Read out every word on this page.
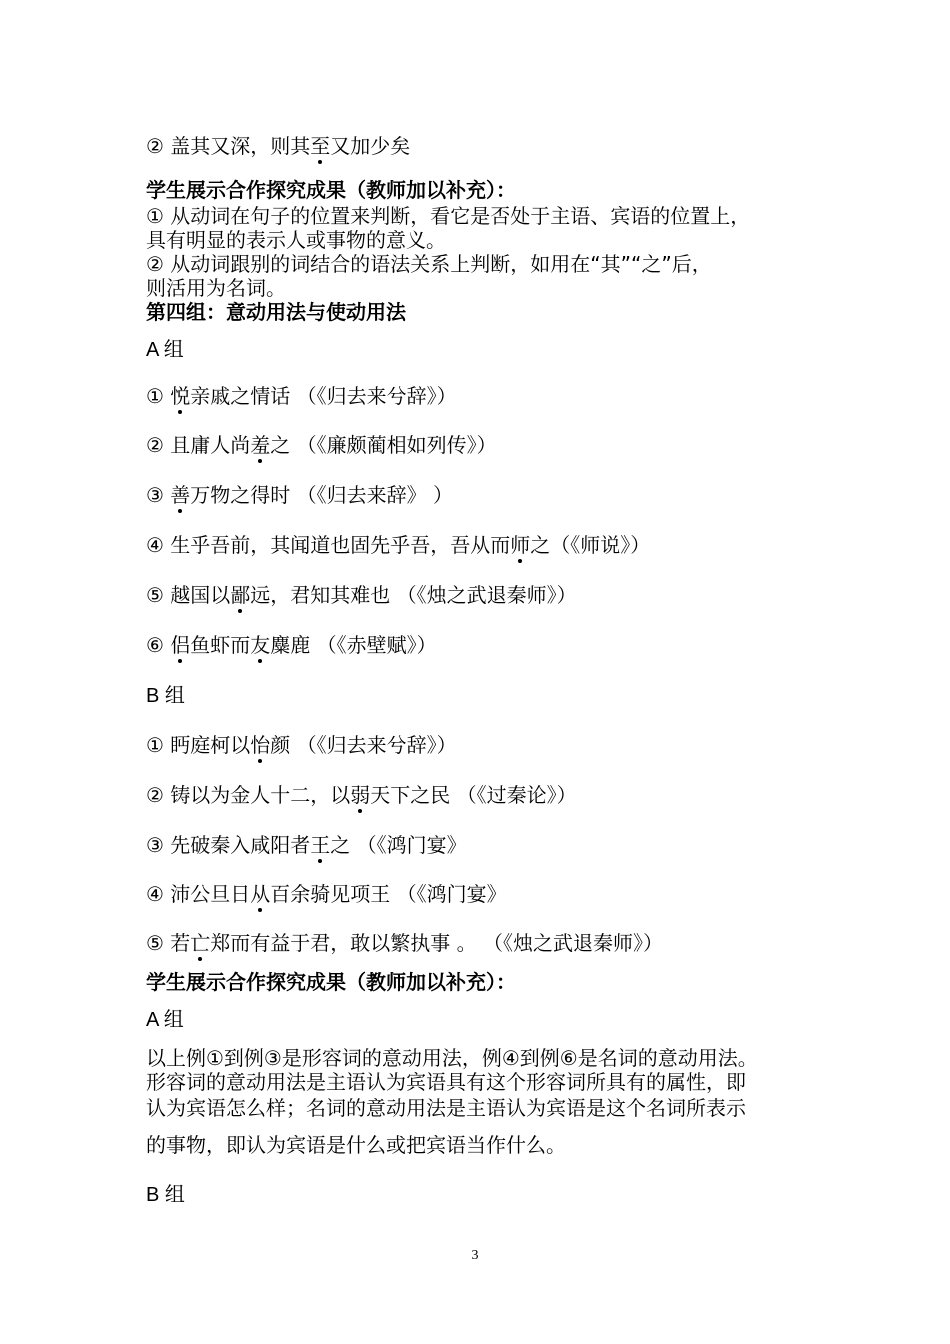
② 盖其又深，则其至又加少矣
学生展示合作探究成果（教师加以补充）：
① 从动词在句子的位置来判断，看它是否处于主语、宾语的位置上，
具有明显的表示人或事物的意义。
② 从动词跟别的词结合的语法关系上判断，如用在“其”“之”后，
则活用为名词。
第四组：意动用法与使动用法
A 组
① 悦亲戚之情话 （《归去来兮辞》）
② 且庸人尚羞之 （《廉颇蔺相如列传》）
③ 善万物之得时 （《归去来辞》 ）
④ 生乎吾前，其闻道也固先乎吾，吾从而师之（《师说》）
⑤ 越国以鄙远，君知其难也 （《烛之武退秦师》）
⑥ 侣鱼虾而友麋鹿 （《赤壁赋》）
B 组
① 眄庭柯以怡颜 （《归去来兮辞》）
② 铸以为金人十二，以弱天下之民 （《过秦论》）
③ 先破秦入咸阳者王之 （《鸿门宴》
④ 沛公旦日从百余骑见项王 （《鸿门宴》
⑤ 若亡郑而有益于君，敢以繁执事 。 （《烛之武退秦师》）
学生展示合作探究成果（教师加以补充）：
A 组
以上例①到例③是形容词的意动用法，例④到例⑥是名词的意动用法。
形容词的意动用法是主语认为宾语具有这个形容词所具有的属性，即
认为宾语怎么样；名词的意动用法是主语认为宾语是这个名词所表示
的事物，即认为宾语是什么或把宾语当作什么。
B 组
3
